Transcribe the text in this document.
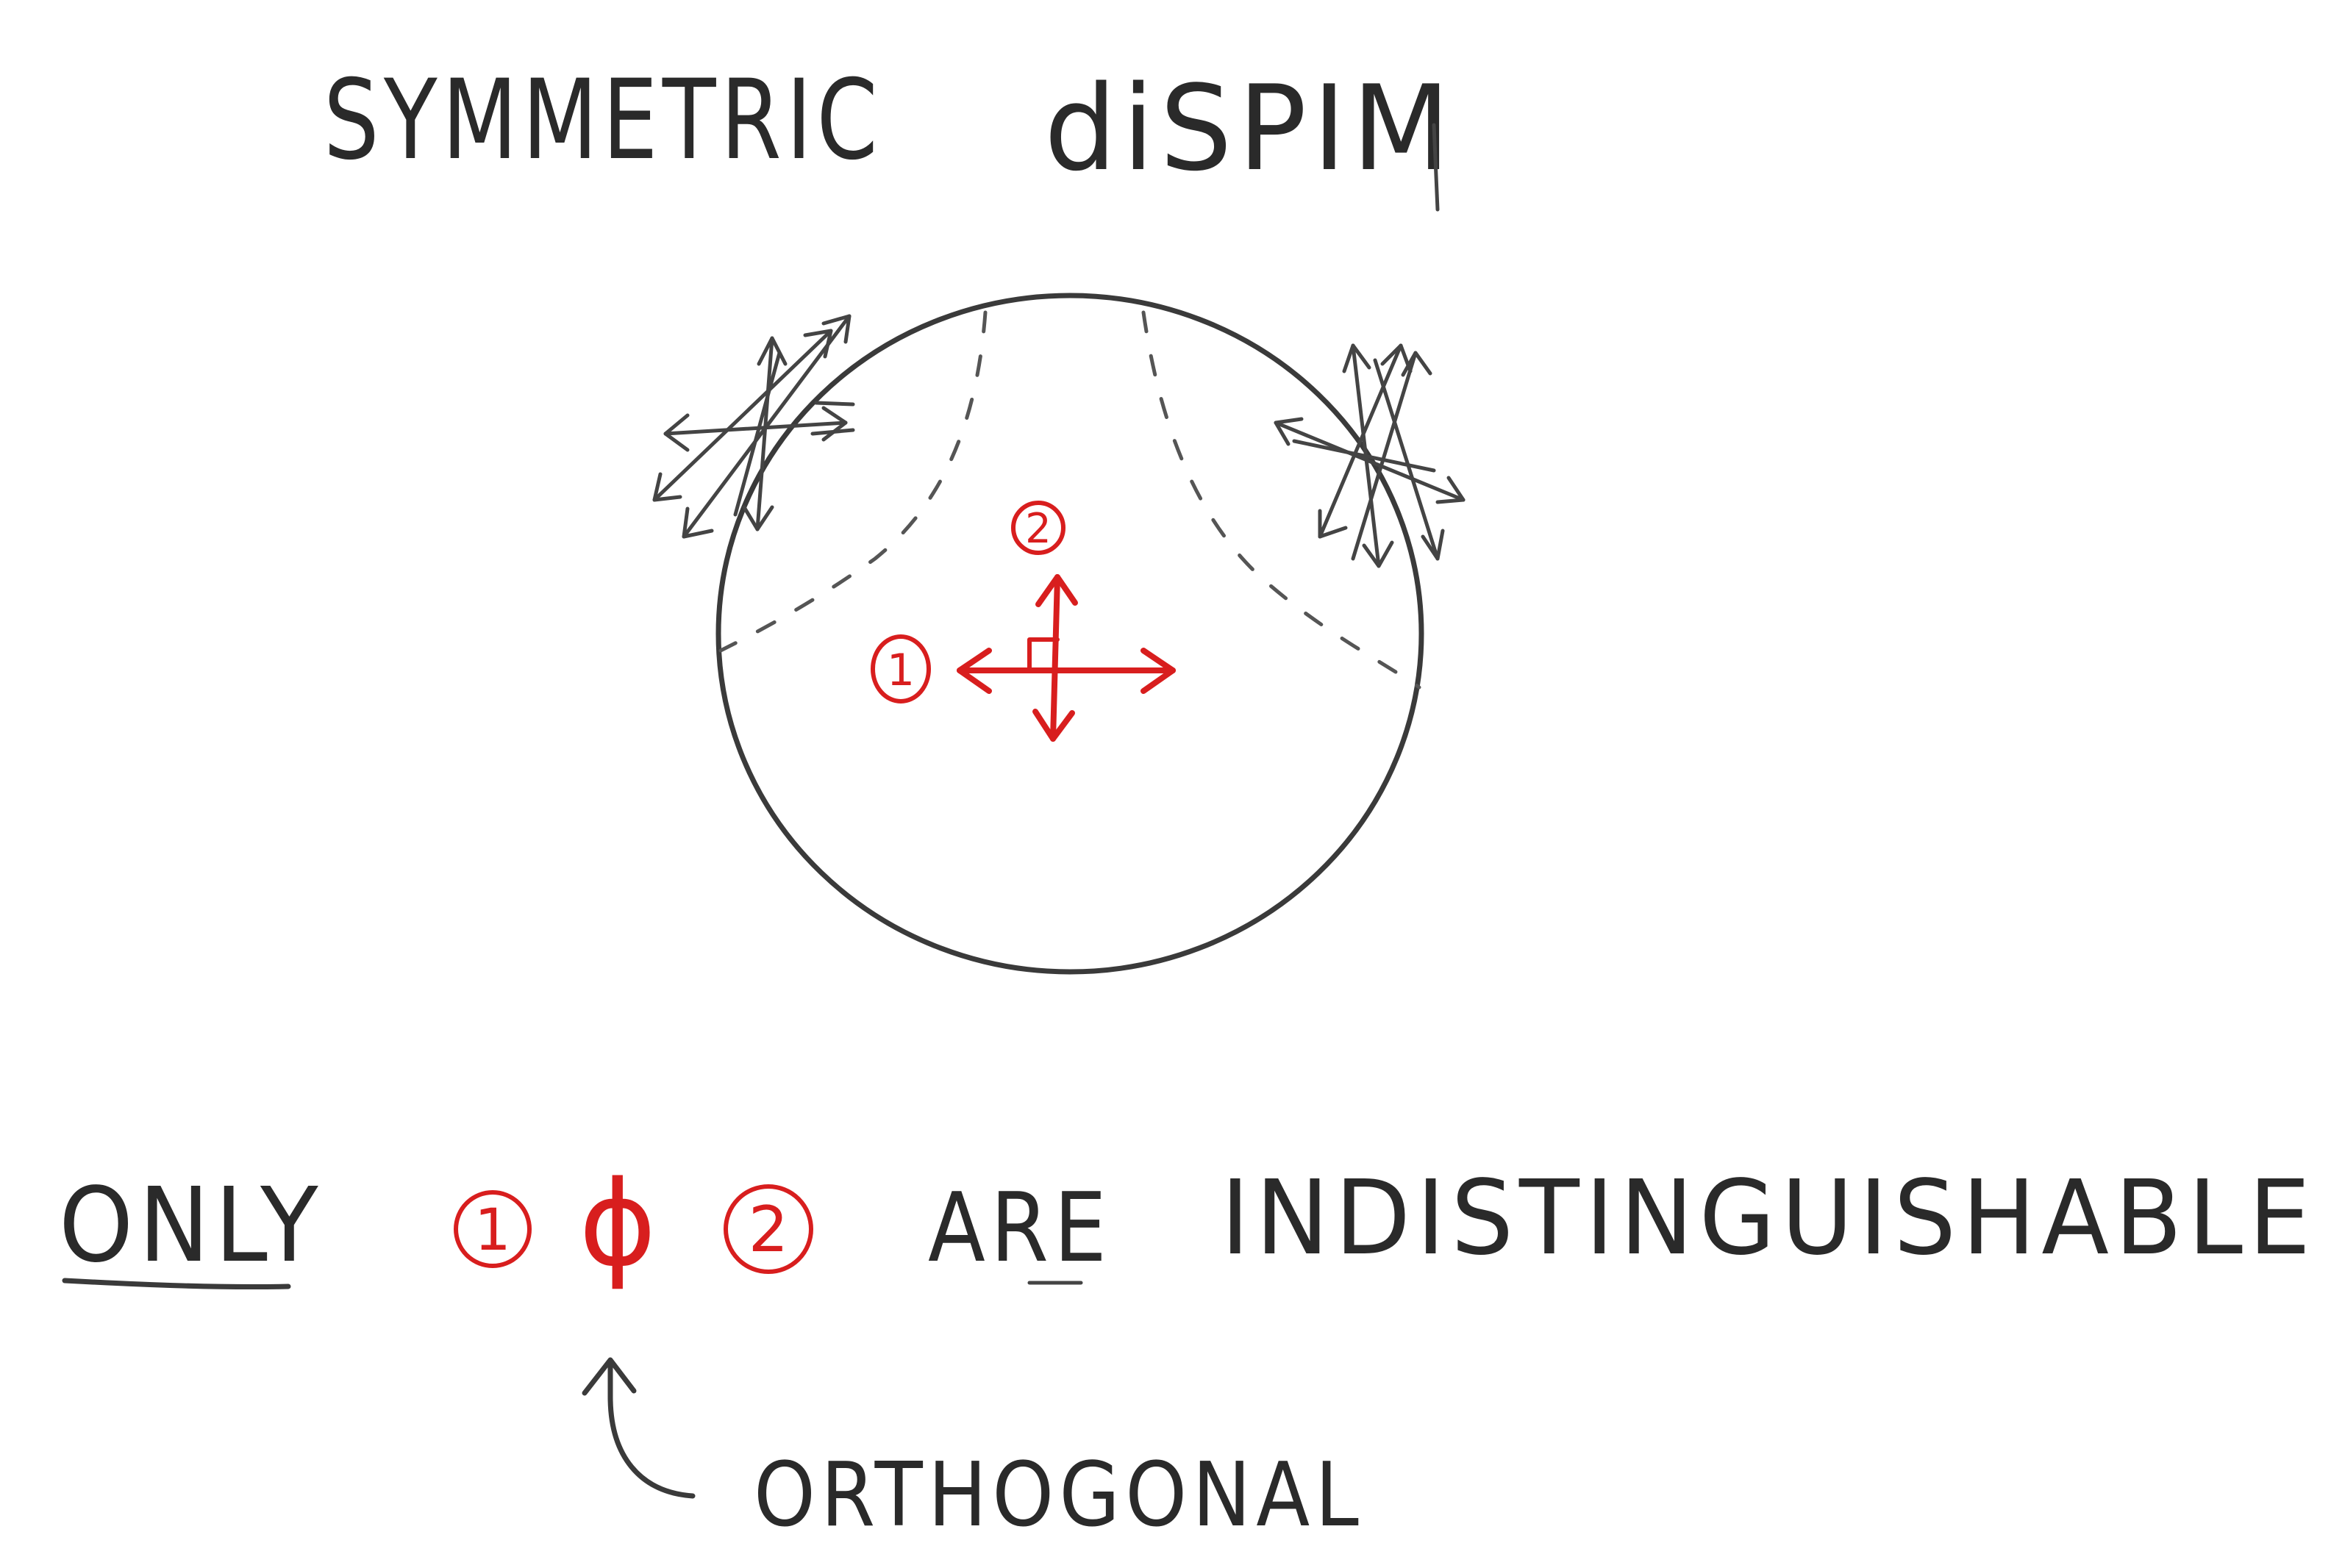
SYMMETRIC diSPIM
2
1
ONLY	1 ϕ 2 ARE INDISTINGUISHABLE
ORTHOGONAL
